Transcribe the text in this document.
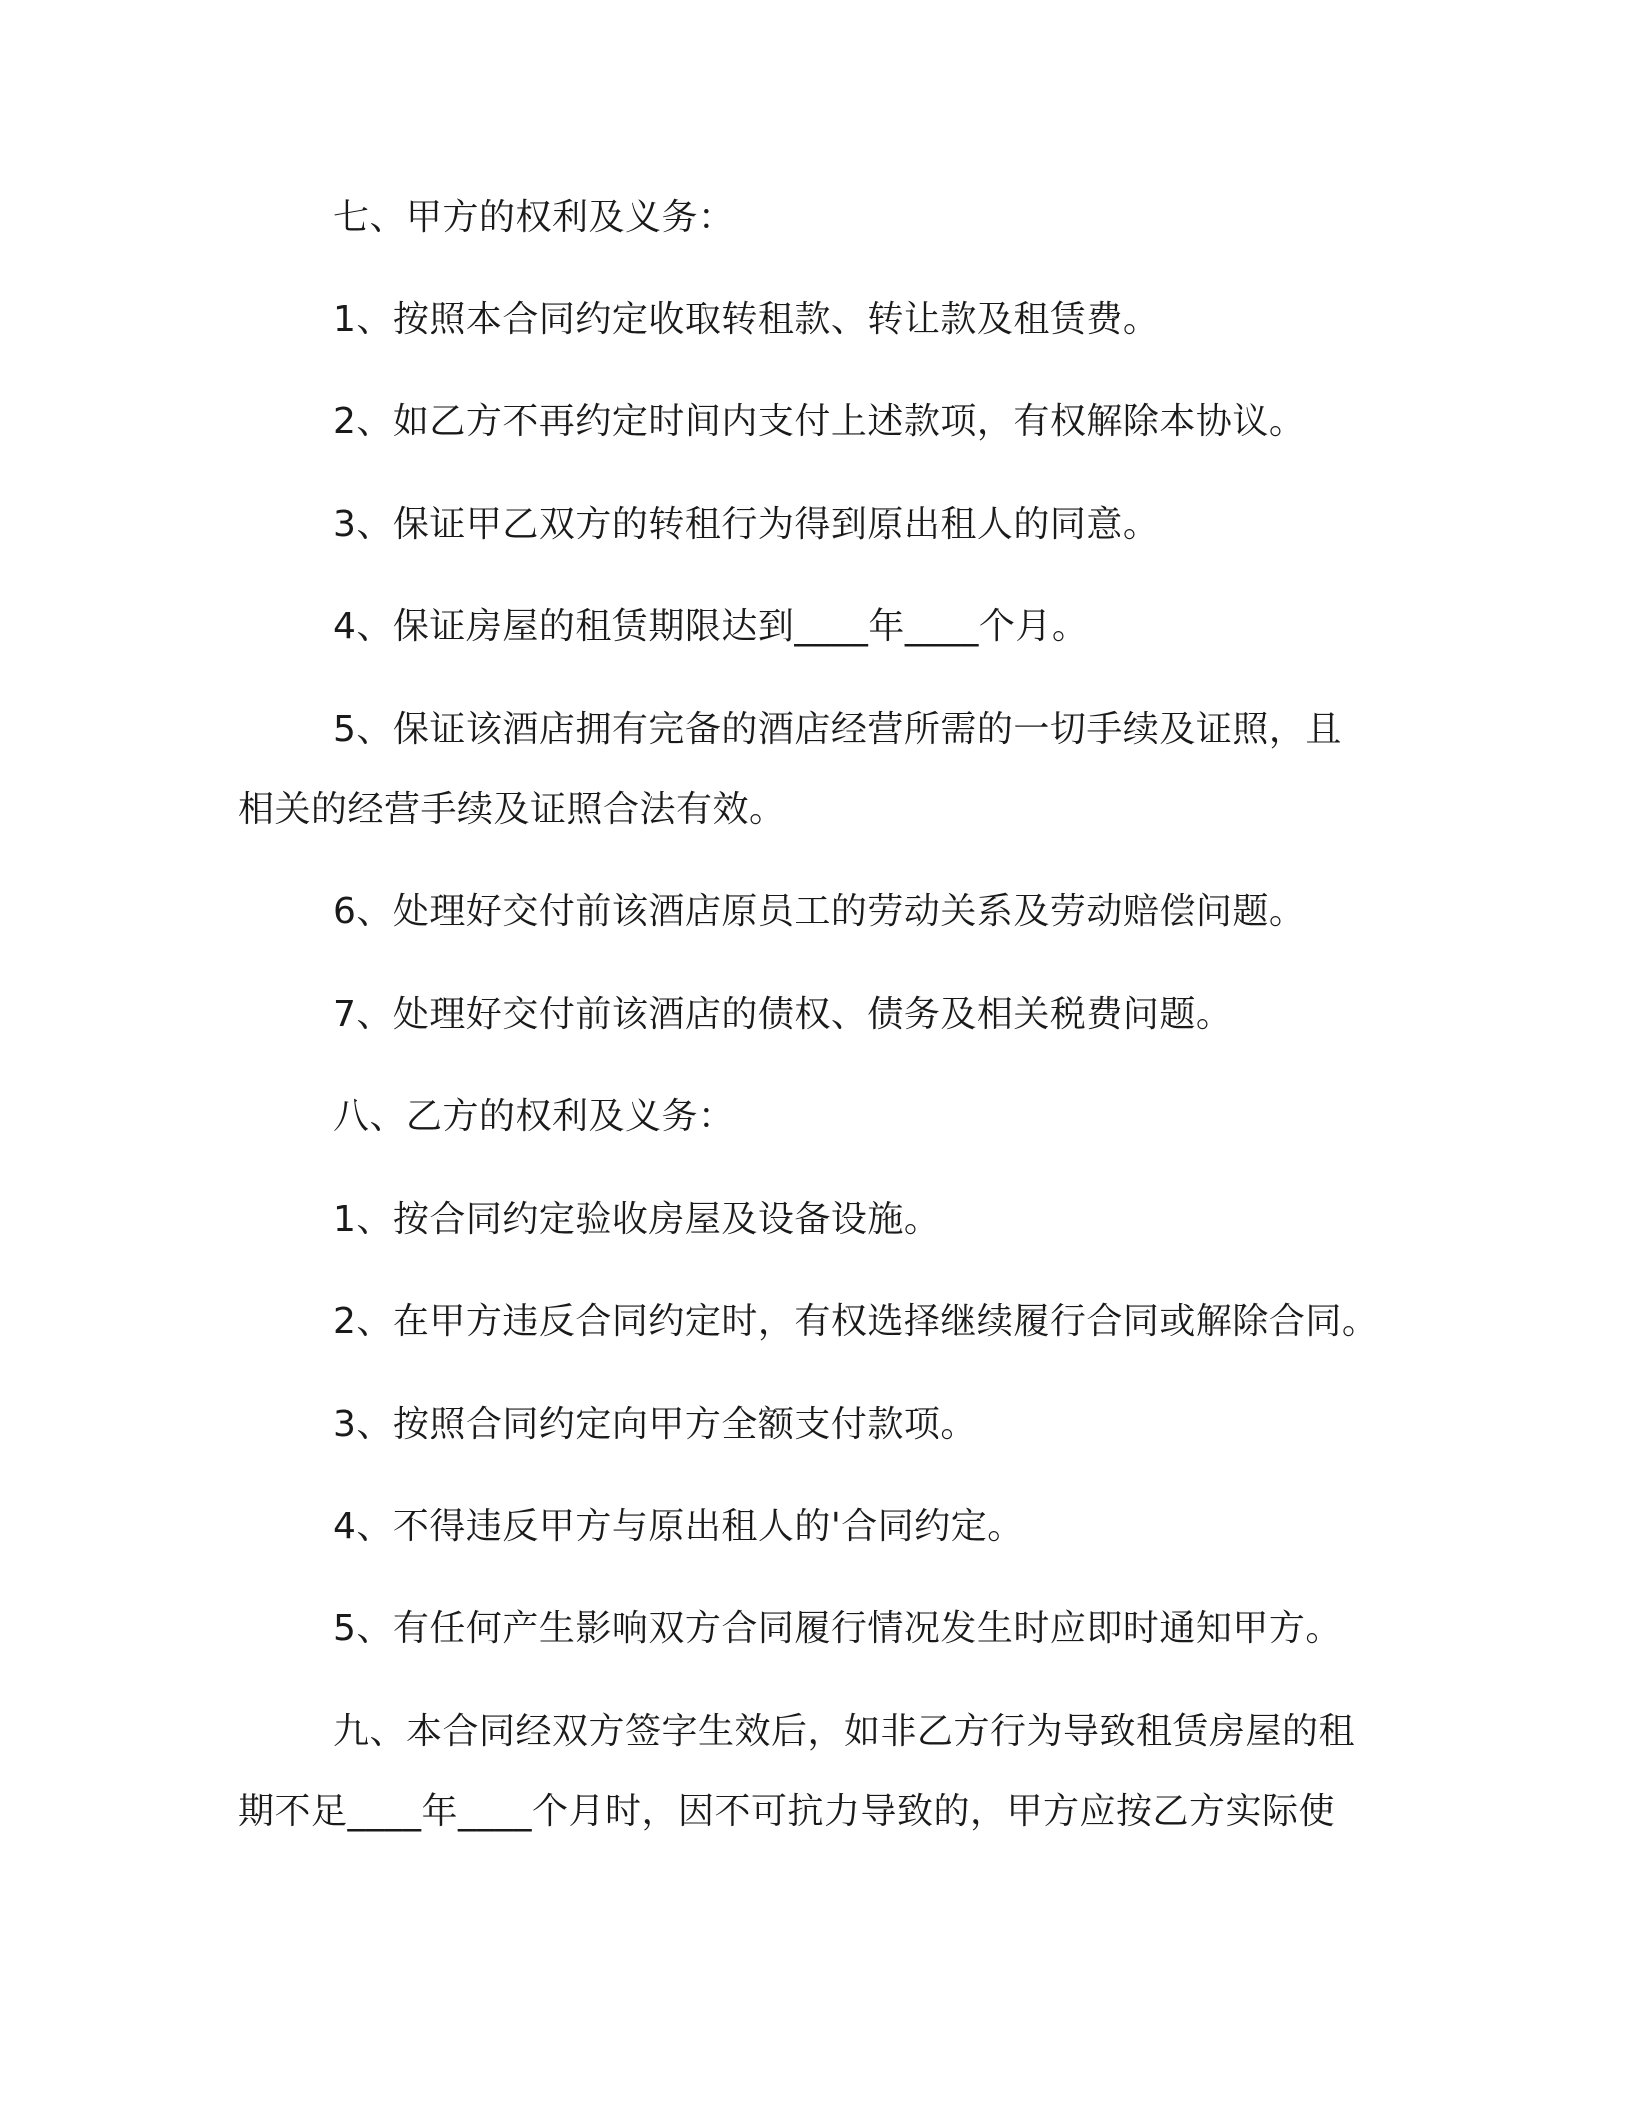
七、甲方的权利及义务：

1、按照本合同约定收取转租款、转让款及租赁费。

2、如乙方不再约定时间内支付上述款项，有权解除本协议。

3、保证甲乙双方的转租行为得到原出租人的同意。

4、保证房屋的租赁期限达到____年____个月。

5、保证该酒店拥有完备的酒店经营所需的一切手续及证照，且

相关的经营手续及证照合法有效。

6、处理好交付前该酒店原员工的劳动关系及劳动赔偿问题。

7、处理好交付前该酒店的债权、债务及相关税费问题。

八、乙方的权利及义务：

1、按合同约定验收房屋及设备设施。

2、在甲方违反合同约定时，有权选择继续履行合同或解除合同。

3、按照合同约定向甲方全额支付款项。

4、不得违反甲方与原出租人的'合同约定。

5、有任何产生影响双方合同履行情况发生时应即时通知甲方。

九、本合同经双方签字生效后，如非乙方行为导致租赁房屋的租

期不足____年____个月时，因不可抗力导致的，甲方应按乙方实际使
